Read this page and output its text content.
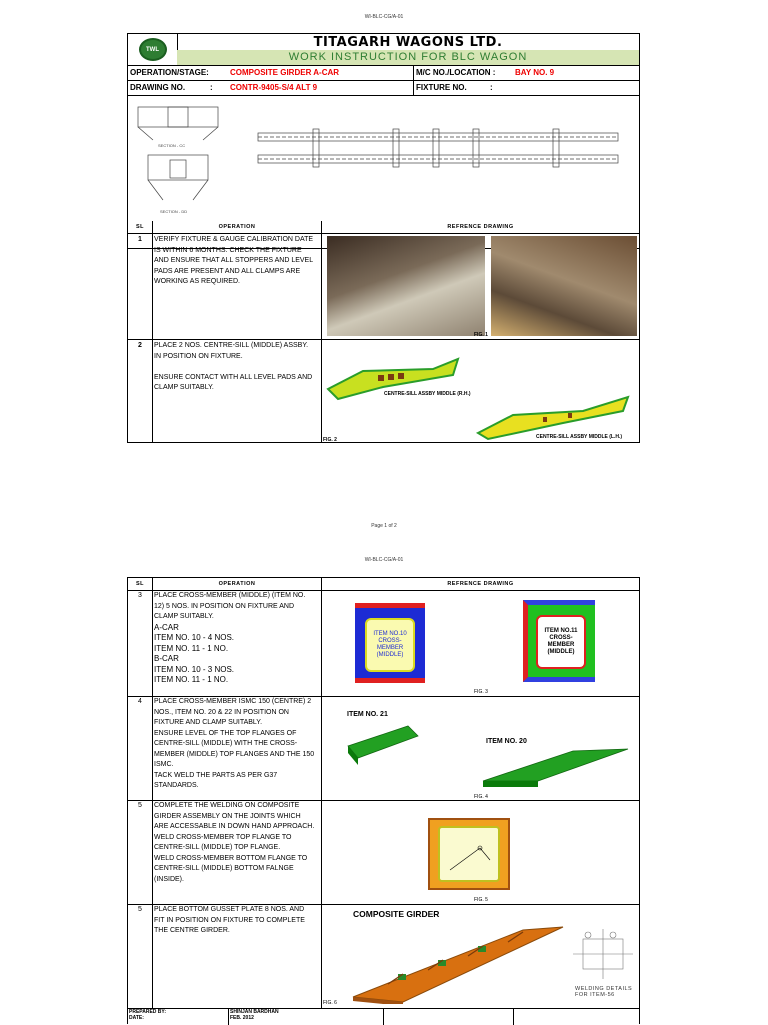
WI-BLC-CG/A-01
TWL	TITAGARH WAGONS LTD.
WORK INSTRUCTION FOR BLC WAGON
OPERATION/STAGE:	COMPOSITE GIRDER A-CAR	M/C NO./LOCATION :	BAY NO. 9
DRAWING NO.	:	CONTR-9405-S/4 ALT 9	FIXTURE NO.	:
SECTION - CC
SECTION - DD
SL	OPERATION	REFRENCE DRAWING
1 VERIFY FIXTURE & GAUGE CALIBRATION DATE
IS WITHIN 6 MONTHS. CHECK THE FIXTURE
AND ENSURE THAT ALL STOPPERS AND LEVEL
PADS ARE PRESENT AND ALL CLAMPS ARE
WORKING AS REQUIRED.
FIG. 1
2 PLACE 2 NOS. CENTRE-SILL (MIDDLE) ASSBY.
IN POSITION ON FIXTURE.
ENSURE CONTACT WITH ALL LEVEL PADS AND
CLAMP SUITABLY.
CENTRE-SILL ASSBY MIDDLE (R.H.)
CENTRE-SILL ASSBY MIDDLE (L.H.)
FIG. 2
Page 1 of 2
WI-BLC-CG/A-01
SL	OPERATION	REFRENCE DRAWING
3 PLACE CROSS-MEMBER (MIDDLE) (ITEM NO.
12) 5 NOS. IN POSITION ON FIXTURE AND
CLAMP SUITABLY.
A-CAR
ITEM NO. 10 - 4 NOS.
ITEM NO. 11 - 1 NO.
B-CAR
ITEM NO. 10 - 3 NOS.
ITEM NO. 11 - 1 NO.
ITEM NO.10
CROSS-
MEMBER
(MIDDLE)
ITEM NO.11
CROSS-
MEMBER
(MIDDLE)
FIG. 3
4 PLACE CROSS-MEMBER ISMC 150 (CENTRE) 2
NOS., ITEM NO. 20 & 22 IN POSITION ON
FIXTURE AND CLAMP SUITABLY.
ENSURE LEVEL OF THE TOP FLANGES OF
CENTRE-SILL (MIDDLE) WITH THE CROSS-
MEMBER (MIDDLE) TOP FLANGES AND THE 150
ISMC.
TACK WELD THE PARTS AS PER G37
STANDARDS.
ITEM NO. 21
ITEM NO. 20
5 COMPLETE THE WELDING ON COMPOSITE
GIRDER ASSEMBLY ON THE JOINTS WHICH
ARE ACCESSABLE IN DOWN HAND APPROACH.
WELD CROSS-MEMBER TOP FLANGE TO
CENTRE-SILL (MIDDLE) TOP FLANGE.
WELD CROSS-MEMBER BOTTOM FLANGE TO
CENTRE-SILL (MIDDLE) BOTTOM FALNGE
(INSIDE).
FIG. 4
FIG. 5
5 PLACE BOTTOM GUSSET PLATE 8 NOS. AND
FIT IN POSITION ON FIXTURE TO COMPLETE
THE CENTRE GIRDER.
COMPOSITE GIRDER
WELDING DETAILS
FOR ITEM-56
FIG. 6
PREPARED BY:
DATE:
SHINJAN BARDHAN
FEB. 2012
